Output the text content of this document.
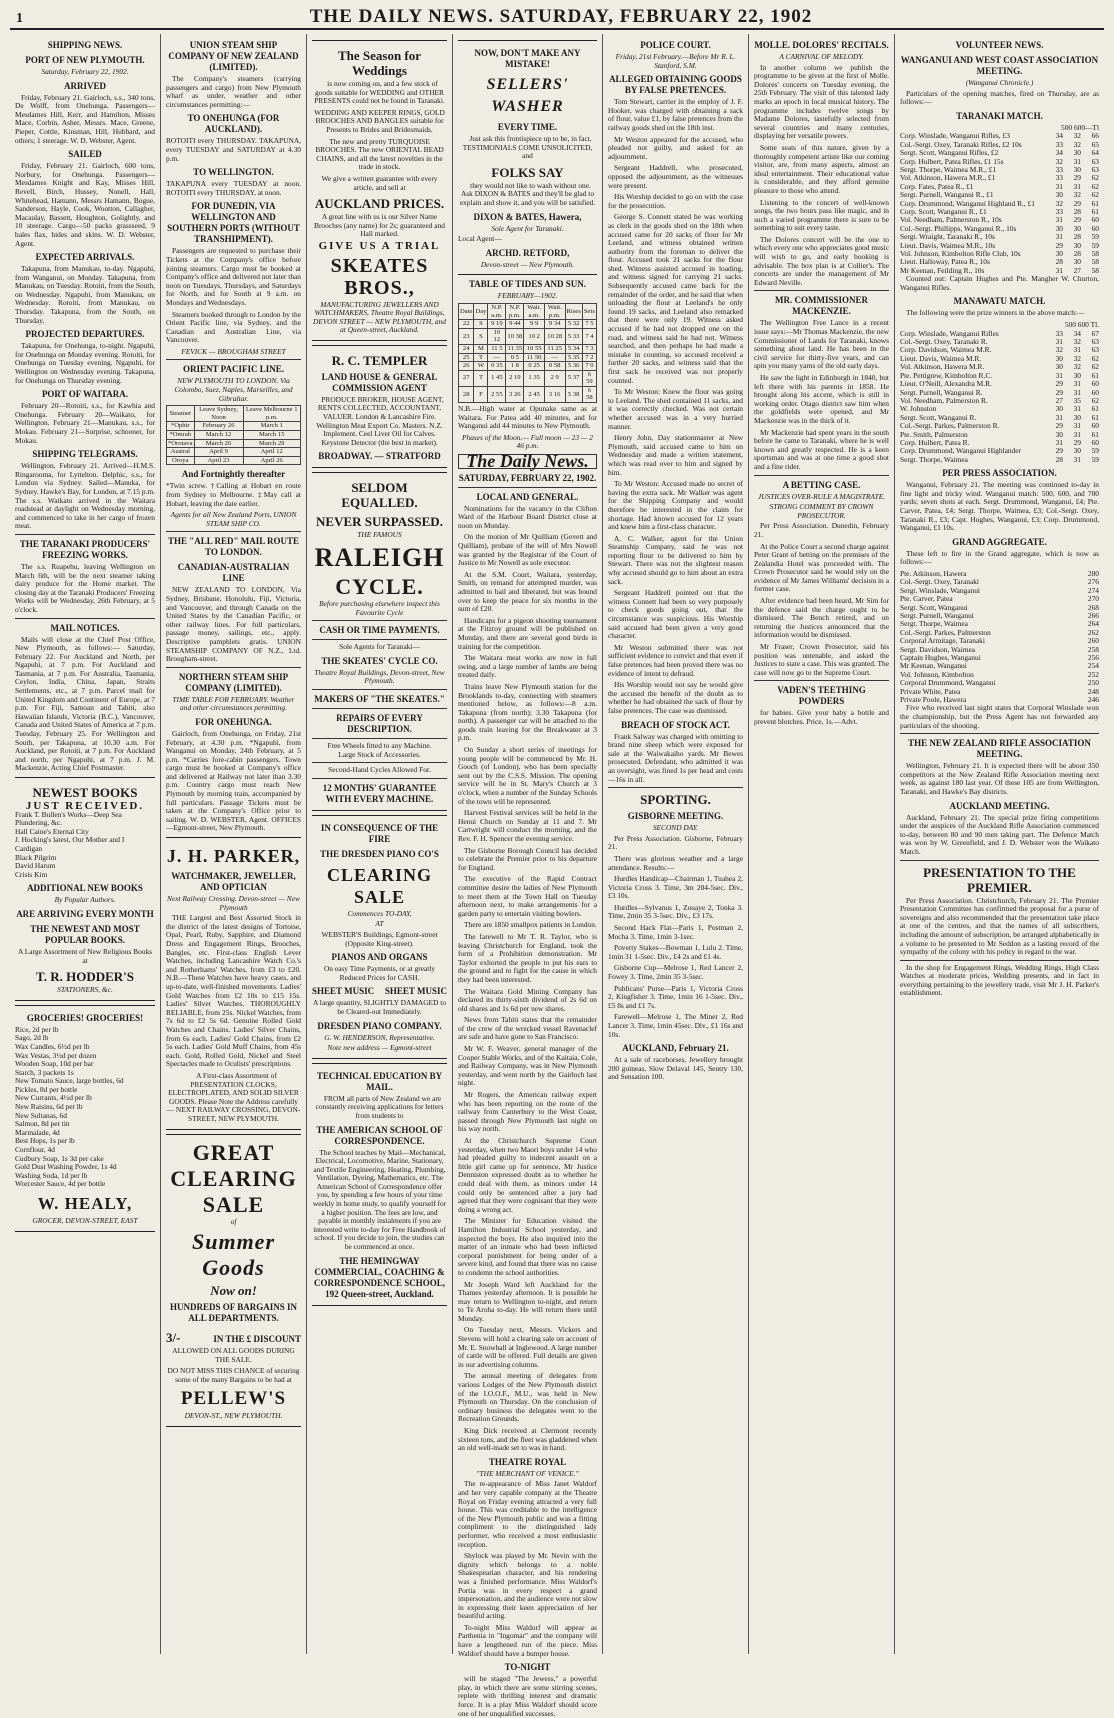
1	THE DAILY NEWS. SATURDAY, FEBRUARY 22, 1902
SHIPPING NEWS.
PORT OF NEW PLYMOUTH.
Saturday, February 22, 1902.
ARRIVED

Friday, February 21. Gairloch, s.s., 340 tons, De Wolff, from Onehunga. Passengers—Mesdames Hill, Kerr, and Hamilton, Misses Mace, Corbin, Asher, Messrs. Mace, Greene, Pieper, Cottle, Kinsman, Hill, Hubbard, and others; 1 steerage. W. D. Webster, Agent.

SAILED

Friday, February 21. Gairloch, 600 tons, Norbury, for Onehunga. Passengers—Mesdames Knight and Kay, Misses Hill, Revell, Birch, Hussey, Nonell, Hall, Whitehead, Hamann, Messrs Hamann, Bogue, Sanderson, Hayle, Cook, Wootton, Callagher, Macaulay, Bassett, Houghton, Golightly, and 10 steerage. Cargo—50 packs grassseed, 9 bales flax, hides and skins. W. D. Webster, Agent.

EXPECTED ARRIVALS.

Takapuna, from Manukau, to-day. Ngapuhi, from Wanganui, on Monday. Takapuna, from Manukau, on Tuesday. Rotoiti, from the South, on Wednesday. Ngapuhi, from Manukau, on Wednesday. Rotoiti, from Manukau, on Thursday. Takapuna, from the South, on Thursday.

PROJECTED DEPARTURES.

Takapuna, for Onehunga, to-night. Ngapuhi, for Onehunga on Monday evening. Rotoiti, for Onehunga on Tuesday evening. Ngapuhi, for Wellington on Wednesday evening. Takapuna, for Onehunga on Thursday evening.

PORT OF WAITARA.

February 20—Rotoiti, s.s., for Kawhia and Onehunga. February 20—Waikato, for Wellington. February 21—Manukau, s.s., for Mokau. February 21—Surprise, schooner, for Mokau.

SHIPPING TELEGRAMS.

Wellington, February 21. Arrived—H.M.S. Ringarooma, for Lyttelton. Delphic, s.s., for London via Sydney. Sailed—Manuka, for Sydney. Hawke's Bay, for London, at 7.15 p.m. The s.s. Waikato arrived in the Waitara roadstead at daylight on Wednesday morning, and commenced to take in her cargo of frozen meat.

THE TARANAKI PRODUCERS' FREEZING WORKS.

The s.s. Ruapehu, leaving Wellington on March 6th, will be the next steamer taking dairy produce for the Home market. The closing day at the Taranaki Producers' Freezing Works will be Wednesday, 26th February, at 5 o'clock.

MAIL NOTICES.

Mails will close at the Chief Post Office, New Plymouth, as follows:— Saturday, February 22. For Auckland and North, per Ngapuhi, at 7 p.m. For Auckland and Tasmania, at 7 p.m. For Australia, Tasmania, Ceylon, India, China, Japan, Straits Settlements, etc., at 7 p.m. Parcel mail for United Kingdom and Continent of Europe, at 7 p.m. For Fiji, Samoan and Tahiti, also Hawaiian Islands, Victoria (B.C.), Vancouver, Canada and United States of America at 7 p.m. Tuesday, February 25. For Wellington and South, per Takapuna, at 10.30 a.m. For Auckland, per Rotoiti, at 7 p.m. For Auckland and north, per Ngapuhi, at 7 p.m. J. M. Mackenzie, Acting Chief Postmaster.

NEWEST BOOKS
JUST RECEIVED.
Frank T. Bullen's Works—Deep Sea Plundering, &c.
Hall Caine's Eternal City
J. Hocking's latest, Our Mother and I
Cardigan
Black Pilgrim
David Harum
Crisis Kim
ADDITIONAL NEW BOOKS
By Popular Authors.
ARE ARRIVING EVERY MONTH
THE NEWEST AND MOST POPULAR BOOKS.
A Large Assortment of New Religious Books at
T. R. HODDER'S
STATIONERS, &c.
GROCERIES! GROCERIES!
Rice, 2d per lb
Sago, 2d lb
Wax Candles, 6½d per lb
Wax Vestas, 3½d per dozen
Wooden Soap, 10d per bar
Starch, 3 packets 1s
New Tomato Sauce, large bottles, 6d
Pickles, 8d per bottle
New Currants, 4½d per lb
New Raisins, 6d per lb
New Sultanas, 6d
Salmon, 8d per tin
Marmalade, 4d
Best Hops, 1s per lb
Cornflour, 4d
Cudbury Soap, 1s 3d per cake
Gold Dust Washing Powder, 1s 4d
Washing Soda, 1d per lb
Worcester Sauce, 4d per bottle
W. HEALY,
GROCER, DEVON-STREET, EAST
UNION STEAM SHIP COMPANY OF NEW ZEALAND (LIMITED).

The Company's steamers (carrying passengers and cargo) from New Plymouth wharf as under, weather and other circumstances permitting:—

TO ONEHUNGA (FOR AUCKLAND).

ROTOITI every THURSDAY. TAKAPUNA, every TUESDAY and SATURDAY at 4.30 p.m.

TO WELLINGTON.

TAKAPUNA every TUESDAY at noon. ROTOITI every THURSDAY, at noon.

FOR DUNEDIN, VIA WELLINGTON AND SOUTHERN PORTS (WITHOUT TRANSHIPMENT).

Passengers are requested to purchase their Tickets at the Company's office before joining steamers. Cargo must be booked at Company's office and delivered not later than noon on Tuesdays, Thursdays, and Saturdays for North, and for South at 9 a.m. on Mondays and Wednesdays.

Steamers booked through to London by the Orient Pacific line, via Sydney, and the Canadian and Australian Line, via Vancouver.

FEVICK — BROUGHAM STREET
ORIENT PACIFIC LINE.
NEW PLYMOUTH TO LONDON. Via Colombo, Suez, Naples, Marseilles, and Gibraltar.
Steamer	Leave Sydney, Noon	Leave Melbourne 1 p.m.
*Ophir	February 26	March 1
*Omrah	March 12	March 15
*Orotava	March 26	March 29
Austral	April 9	April 12
Oroya	April 23	April 26
And Fortnightly thereafter

*Twin screw. †Calling at Hobart en route from Sydney to Melbourne. ‡May call at Hobart, leaving the date earlier.

Agents for all New Zealand Ports, UNION STEAM SHIP CO.
THE "ALL RED" MAIL ROUTE TO LONDON.
CANADIAN-AUSTRALIAN LINE

NEW ZEALAND TO LONDON, Via Sydney, Brisbane, Honolulu, Fiji, Victoria, and Vancouver, and through Canada on the United States by the Canadian Pacific, or other railway lines. For full particulars, passage money, sailings, etc., apply. Descriptive pamphlets gratis. UNION STEAMSHIP COMPANY OF N.Z., Ltd. Brougham-street.

NORTHERN STEAM SHIP COMPANY (LIMITED).
TIME TABLE FOR FEBRUARY. Weather and other circumstances permitting.
FOR ONEHUNGA.

Gairloch, from Onehunga, on Friday, 21st February, at 4.30 p.m. *Ngapuhi, from Wanganui on Monday, 24th February, at 5 p.m. *Carries fore-cabin passengers. Town cargo must be booked at Company's office and delivered at Railway not later than 3.30 p.m. Country cargo must reach New Plymouth by morning train, accompanied by full particulars. Passage Tickets must be taken at the Company's Office prior to sailing. W. D. WEBSTER, Agent. OFFICES—Egmont-street, New Plymouth.

J. H. PARKER,
WATCHMAKER, JEWELLER, AND OPTICIAN
Next Railway Crossing. Devon-street — New Plymouth

THE Largest and Best Assorted Stock in the district of the latest designs of Tortoise, Opal, Pearl, Ruby, Sapphire, and Diamond Dress and Engagement Rings, Brooches, Bangles, etc. First-class English Lever Watches, including Lancashire Watch Co.'s and Rotherhams' Watches, from £3 to £20. N.B.—These Watches have heavy cases, and up-to-date, well-finished movements. Ladies' Gold Watches from £2 10s to £15 15s. Ladies' Silver Watches, THOROUGHLY RELIABLE, from 25s. Nickel Watches, from 7s 6d to £2 5s 6d. Genuine Rolled Gold Watches and Chains. Ladies' Silver Chains, from 6s each. Ladies' Gold Chains, from £2 5s each. Ladies' Gold Muff Chains, from 45s each. Gold, Rolled Gold, Nickel and Steel Spectacles made to Oculists' prescriptions.

A First-class Assortment of PRESENTATION CLOCKS, ELECTROPLATED, AND SOLID SILVER GOODS. Please Note the Address carefully — NEXT RAILWAY CROSSING, DEVON-STREET, NEW PLYMOUTH.

GREAT
CLEARING
SALE
of
Summer
Goods
Now on!
HUNDREDS OF BARGAINS IN ALL DEPARTMENTS.
3/-	IN THE £ DISCOUNT
ALLOWED ON ALL GOODS DURING THE SALE.
DO NOT MISS THIS CHANCE of securing some of the many Bargains to be had at
PELLEW'S
DEVON-ST., NEW PLYMOUTH.
The Season for Weddings

is now coming on, and a few stock of goods suitable for WEDDING and OTHER PRESENTS could not be found in Taranaki.

WEDDING AND KEEPER RINGS, GOLD BROOCHES AND BANGLES suitable for Presents to Brides and Bridesmaids.

The new and pretty TURQUOISE BROOCHES. The new ORIENTAL BEAD CHAINS, and all the latest novelties in the trade in stock.

We give a written guarantee with every article, and sell at

AUCKLAND PRICES.

A great line with us is our Silver Name Brooches (any name) for 2s; guaranteed and Hall marked.

GIVE US A TRIAL
SKEATES BROS.,
MANUFACTURING JEWELLERS AND WATCHMAKERS, Theatre Royal Buildings, DEVON STREET — NEW PLYMOUTH, and at Queen-street, Auckland.
R. C. TEMPLER
LAND HOUSE & GENERAL COMMISSION AGENT

PRODUCE BROKER, HOUSE AGENT, RENTS COLLECTED, ACCOUNTANT, VALUER. London & Lancashire Fire. Wellington Meat Export Co. Masters. N.Z. Implement. Ceel Liver Oil for Calves. Keystone Detector (the best in market).

BROADWAY. — STRATFORD
SELDOM EQUALLED.
NEVER SURPASSED.
THE FAMOUS
RALEIGH
CYCLE.
Before purchasing elsewhere inspect this Favourite Cycle
CASH OR TIME PAYMENTS.
Sole Agents for Taranaki—
THE SKEATES' CYCLE CO.
Theatre Royal Buildings, Devon-street, New Plymouth.
MAKERS OF "THE SKEATES."
REPAIRS OF EVERY DESCRIPTION.
Free Wheels fitted to any Machine.
Large Stock of Accessories.
Second-Hand Cycles Allowed For.
12 MONTHS' GUARANTEE WITH EVERY MACHINE.
IN CONSEQUENCE OF THE FIRE
THE DRESDEN PIANO CO'S
CLEARING SALE
Commences TO-DAY,
AT
WEBSTER'S Buildings, Egmont-street (Opposite King-street).
PIANOS AND ORGANS
On easy Time Payments, or at greatly Reduced Prices for CASH.
SHEET MUSIC SHEET MUSIC
A large quantity, SLIGHTLY DAMAGED to be Cleared-out Immediately.
DRESDEN PIANO COMPANY.
G. W. HENDERSON, Representative.
Note new address — Egmont-street
TECHNICAL EDUCATION BY MAIL.

FROM all parts of New Zealand we are constantly receiving applications for letters from students to

THE AMERICAN SCHOOL OF CORRESPONDENCE.

The School teaches by Mail—Mechanical, Electrical, Locomotive, Marine, Stationary, and Textile Engineering, Heating, Plumbing, Ventilation, Dyeing, Mathematics, etc. The American School of Correspondence offer you, by spending a few hours of your time weekly in home study, to qualify yourself for a higher position. The fees are low, and payable in monthly instalments if you are interested write to-day for Free Handbook of school. If you decide to join, the studies can be commenced at once.

THE HEMINGWAY COMMERCIAL, COACHING & CORRESPONDENCE SCHOOL, 192 Queen-street, Auckland.
NOW, DON'T MAKE ANY MISTAKE!
SELLERS' WASHER
EVERY TIME.

Just ask this frontispiece up to be, in fact, TESTIMONIALS COME UNSOLICITED, and

FOLKS SAY

they would not like to wash without one. Ask DIXON & BATES and they'll be glad to explain and show it, and you will be satisfied.

DIXON & BATES, Hawera,
Sole Agent for Taranaki.
Local Agent—
ARCHD. RETFORD,
Devon-street — New Plymouth.
TABLE OF TIDES AND SUN.
FEBRUARY—1902.
Date	Day	N.P. a.m.	N.P. p.m.	Wait. a.m.	Wait. p.m.	Rises	Sets
22	S	9 19	9 44	9 9	9 34	5 32	7 5
23	S	10 12	10 38	10 2	10 28	5 33	7 4
24	M	11 5	11 35	10 55	11 25	5 34	7 3
25	T	—	0 5	11 50	—	5 35	7 2
26	W	0 35	1 8	0 25	0 58	5 36	7 0
27	T	1 45	2 19	1 35	2 9	5 37	6 59
28	F	2 55	3 26	2 45	3 16	5 38	6 58

N.B.—High water at Opunake same as at Waitara. For Patea add 40 minutes, and for Wanganui add 44 minutes to New Plymouth.

Phases of the Moon.— Full moon — 23 — 2 46 p.m.
The Daily News.
SATURDAY, FEBRUARY 22, 1902.
LOCAL AND GENERAL.

Nominations for the vacancy in the Clifton Ward of the Harbour Board District close at noon on Monday.

On the motion of Mr Quilliam (Govett and Quilliam), probate of the will of Mrs Nowell was granted by the Registrar of the Court of Justice to Mr Nowell as sole executor.

At the S.M. Court, Waitara, yesterday, Smith, on remand for attempted murder, was admitted to bail and liberated, but was bound over to keep the peace for six months in the sum of £20.

Handicaps for a pigeon shooting tournament at the Fitzroy ground will be published on Monday, and there are several good birds in training for the competition.

The Waitara meat works are now in full swing, and a large number of lambs are being treated daily.

Trains leave New Plymouth station for the Brooklands to-day, connecting with steamers mentioned below, as follows:—8 a.m. Takapuna (from north); 3.30 Takapuna (for north). A passenger car will be attached to the goods train leaving for the Breakwater at 3 p.m.

On Sunday a short series of meetings for young people will be commenced by Mr. H. Gooch (of London), who has been specially sent out by the C.S.S. Mission. The opening service will be in St. Mary's Church at 3 o'clock, when a number of the Sunday Schools of the town will be represented.

Harvest Festival services will be held in the Henui Church on Sunday at 11 and 7. Mr Cartwright will conduct the morning, and the Rev. F. H. Spencer the evening service.

The Gisborne Borough Council has decided to celebrate the Premier prior to his departure for England.

The executive of the Rapid Contract committee desire the ladies of New Plymouth to meet them at the Town Hall on Tuesday afternoon next, to make arrangements for a garden party to entertain visiting bowlers.

There are 1850 smallpox patients in London.

The farewell to Mr T. R. Taylor, who is leaving Christchurch for England, took the form of a Prohibition demonstration. Mr Taylor exhorted the people to put his ears to the ground and to fight for the cause in which they had been interested.

The Waitara Gold Mining Company has declared its thirty-sixth dividend of 2s 6d on old shares and 1s 6d per new shares.

News from Tahiti states that the remainder of the crew of the wrecked vessel Ravenaclef are safe and have gone to San Francisco.

Mr W. F. Weaver, general manager of the Cooper Stable Works, and of the Kaitaia, Cole, and Railway Company, was in New Plymouth yesterday, and went north by the Gairloch last night.

Mr Rogers, the American railway expert who has been reporting on the route of the railway from Canterbury to the West Coast, passed through New Plymouth last night on his way north.

At the Christchurch Supreme Court yesterday, when two Maori boys under 14 who had pleaded guilty to indecent assault on a little girl came up for sentence, Mr Justice Denniston expressed doubt as to whether he could deal with them, as minors under 14 could only be sentenced after a jury had agreed that they were cognisant that they were doing a wrong act.

The Minister for Education visited the Hamilton Industrial School yesterday, and inspected the boys. He also inquired into the matter of an inmate who had been inflicted corporal punishment for being under of a severe kind, and found that there was no cause to condemn the school authorities.

Mr Joseph Ward left Auckland for the Thames yesterday afternoon. It is possible he may return to Wellington to-night, and return to Te Aroha to-day. He will return there until Monday.

On Tuesday next, Messrs. Vickers and Stevens will hold a clearing sale on account of Mr. E. Snowball at Inglewood. A large number of cattle will be offered. Full details are given in our advertising columns.

The annual meeting of delegates from various Lodges of the New Plymouth district of the I.O.O.F., M.U., was held in New Plymouth on Thursday. On the conclusion of ordinary business the delegates went to the Recreation Grounds.

King Dick received at Clermont recently sixteen tons, and the fleet was gladdened when an old well-made set to was in hand.

THEATRE ROYAL
"THE MERCHANT OF VENICE."

The re-appearance of Miss Janet Waldorf and her very capable company at the Theatre Royal on Friday evening attracted a very full house. This was creditable to the intelligence of the New Plymouth public and was a fitting compliment to the distinguished lady performer, who received a most enthusiastic reception.

Shylock was played by Mr. Nevin with the dignity which belongs to a noble Shakespearian character, and his rendering was a finished performance. Miss Waldorf's Portia was in every respect a grand impersonation, and the audience were not slow in expressing their keen appreciation of her beautiful acting.

To-night Miss Waldorf will appear as Parthenia in "Ingomar" and the company will have a lengthened run of the piece. Miss Waldorf should have a bumper house.

TO-NIGHT

will be staged "The Jewess," a powerful play, in which there are some stirring scenes, replete with thrilling interest and dramatic force. It is a play Miss Waldorf should score one of her unqualified successes.

POLICE COURT.
Friday, 21st February.—Before Mr R. L. Stanford, S.M.
ALLEGED OBTAINING GOODS BY FALSE PRETENCES.

Tom Stewart, carrier in the employ of J. F. Hooker, was charged with obtaining a sack of flour, value £1, by false pretences from the railway goods shed on the 18th inst.

Mr Weston appeared for the accused, who pleaded not guilty, and asked for an adjournment.

Sergeant Haddrell, who prosecuted, opposed the adjournment, as the witnesses were present.

His Worship decided to go on with the case for the prosecution.

George S. Connett stated he was working as clerk in the goods shed on the 18th when accused came for 20 sacks of flour for Mr Leeland, and witness obtained written authority from the foreman to deliver the flour. Accused took 21 sacks for the flour shed. Witness assisted accused in loading, and witness signed for carrying 21 sacks. Subsequently accused came back for the remainder of the order, and he said that when unloading the flour at Leeland's he only found 19 sacks, and Leeland also remarked that there were only 19. Witness asked accused if he had not dropped one on the road, and witness said he had not. Witness searched, and then perhaps he had made a mistake in counting, so accused received a further 20 sacks, and witness said that the first sack he received was not properly counted.

To Mr Weston: Knew the flour was going to Leeland. The shed contained 11 sacks, and it was correctly checked. Was not certain whether accused was in a very hurried manner.

Henry John, Day stationmaster at New Plymouth, said accused came to him on Wednesday and made a written statement, which was read over to him and signed by him.

To Mr Weston: Accused made no secret of having the extra sack. Mr Walker was agent for the Shipping Company and would therefore be interested in the claim for shortage. Had known accused for 12 years and knew him a first-class character.

A. C. Walker, agent for the Union Steamship Company, said he was not reporting flour to be delivered to him by Stewart. There was not the slightest reason why accused should go to him about an extra sack.

Sergeant Haddrell pointed out that the witness Connett had been so very purposely to check goods going out, that the circumstance was suspicious. His Worship said accused had been given a very good character.

Mr Weston submitted there was not sufficient evidence to convict and that even if false pretences had been proved there was no evidence of intent to defraud.

His Worship would not say he would give the accused the benefit of the doubt as to whether he had obtained the sack of flour by false pretences. The case was dismissed.

BREACH OF STOCK ACT.

Frank Salway was charged with omitting to brand nine sheep which were exposed for sale at the Waiwakaiho yards. Mr Bewes prosecuted. Defendant, who admitted it was an oversight, was fined 1s per head and costs—16s in all.

SPORTING.
GISBORNE MEETING.
SECOND DAY.

Per Press Association. Gisborne, February 21.

There was glorious weather and a large attendance. Results:—

Hurdles Handicap—Chairman 1, Tuahea 2, Victoria Cross 3. Time, 3m 204-5sec. Div., £3 10s.

Hurdles—Sylvanus 1, Zouaye 2, Tonka 3. Time, 2min 35 3-5sec. Div., £3 17s.

Second Hack Flat—Paris 1, Postman 2, Mocha 3. Time, 1min 3-1sec.

Poverty Stakes—Bowman 1, Lulu 2. Time, 1min 31 1-5sec. Div., £4 2s and £1 4s.

Gisborne Cup—Melrose 1, Red Lancer 2, Fowey 3. Time, 2min 35 3-5sec.

Publicans' Purse—Paris 1, Victoria Cross 2, Kingfisher 3. Time, 1min 16 1-5sec. Div., £5 8s and £1 7s.

Farewell—Melrose 1, The Miner 2, Red Lancer 3. Time, 1min 45sec. Div., £1 16s and 10s.

AUCKLAND, February 21.

At a sale of racehorses, Jewellery brought 200 guineas, Slow Delaval 145, Sentry 130, and Sensation 100.

MOLLE. DOLORES' RECITALS.
A CARNIVAL OF MELODY.

In another column we publish the programme to be given at the first of Molle. Dolores' concerts on Tuesday evening, the 25th February. The visit of this talented lady marks an epoch in local musical history. The programme includes twelve songs by Madame Dolores, tastefully selected from several countries and many centuries, displaying her versatile powers.

Some seats of this nature, given by a thoroughly competent artiste like our coming visitor, are, from many aspects, almost an ideal entertainment. Their educational value is considerable, and they afford genuine pleasure to those who attend.

Listening to the concert of well-known songs, the two hours pass like magic, and in such a varied programme there is sure to be something to suit every taste.

The Dolores concert will be the one to which every one who appreciates good music will wish to go, and early booking is advisable. The box plan is at Collier's. The concerts are under the management of Mr Edward Neville.

MR. COMMISSIONER MACKENZIE.

The Wellington Free Lance in a recent issue says:—Mr Thomas Mackenzie, the new Commissioner of Lands for Taranaki, knows something about land. He has been in the civil service for thirty-five years, and can spin you many yarns of the old early days.

He saw the light in Edinburgh in 1840, but left there with his parents in 1858. He brought along his accent, which is still in working order. Otago district saw him when the goldfields were opened, and Mr Mackenzie was in the thick of it.

Mr Mackenzie had spent years in the south before he came to Taranaki, where he is well known and greatly respected. He is a keen sportsman and was at one time a good shot and a fine rider.

A BETTING CASE.
JUSTICES OVER-RULE A MAGISTRATE.
STRONG COMMENT BY CROWN PROSECUTOR.

Per Press Association. Dunedin, February 21.

At the Police Court a second charge against Peter Grant of betting on the premises of the Zealandia Hotel was proceeded with. The Crown Prosecutor said he would rely on the evidence of Mr James Williams' decision in a former case.

After evidence had been heard, Mr Sim for the defence said the charge ought to be dismissed. The Bench retired, and on returning the Justices announced that the information would be dismissed.

Mr Fraser, Crown Prosecutor, said his position was untenable, and asked the Justices to state a case. This was granted. The case will now go to the Supreme Court.

VADEN'S TEETHING POWDERS

for babies. Give your baby a bottle and prevent blotches. Price, 1s.—Advt.

VOLUNTEER NEWS.
WANGANUI AND WEST COAST ASSOCIATION MEETING.
(Wanganui Chronicle.)

Particulars of the opening matches, fired on Thursday, are as follows:—

TARANAKI MATCH.
500 600—Tl
Corp. Winslade, Wanganui Rifles, £3	34	32	66
Col.-Sergt. Oxey, Taranaki Rifles, £2 10s	33	32	65
Sergt. Scott, Wanganui Rifles, £2	34	30	64
Corp. Hulbert, Patea Rifles, £1 15s	32	31	63
Sergt. Thorpe, Waimea M.R., £1	33	30	63
Vol. Atkinson, Hawera M.R., £1	33	29	62
Corp. Fates, Patea R., £1	31	31	62
Sergt. Purnell, Wanganui R., £1	30	32	62
Corp. Drummond, Wanganui Highland R., £1	32	29	61
Corp. Scott, Wanganui R., £1	33	28	61
Vol. Needham, Palmerston R., 10s	31	29	60
Col.-Sergt. Phillipps, Wanganui R., 10s	30	30	60
Sergt. Wraight, Taranaki R., 10s	31	28	59
Lieut. Davis, Waimea M.R., 10s	29	30	59
Vol. Johnson, Kimbolton Rifle Club, 10s	30	28	58
Lieut. Halloway, Patea R., 10s	28	30	58
Mr Keenan, Feilding R., 10s	31	27	58

Counted out: Captain Hughes and Pte. Mangher W. Churton, Wanganui Rifles.

MANAWATU MATCH.

The following were the prize winners in the above match:—

500 600 Tl.
Corp. Winslade, Wanganui Rifles	33	34	67
Col.-Sergt. Oxey, Taranaki R.	31	32	63
Corp. Davidson, Waimea M.R.	32	31	63
Lieut. Davis, Waimea M.R.	30	32	62
Vol. Atkinson, Hawera M.R.	30	32	62
Pte. Pettigrew, Kimbolton R.C.	31	30	61
Lieut. O'Neill, Alexandra M.R.	29	31	60
Sergt. Purnell, Wanganui R.	29	31	60
Vol. Needham, Palmerston R.	27	35	62
W. Johnston	30	31	61
Sergt. Scott, Wanganui R.	31	30	61
Col.-Sergt. Parkes, Palmerston R.	29	31	60
Pte. Smith, Palmerston	30	31	61
Corp. Hulbert, Patea R.	31	29	60
Corp. Drummond, Wanganui Highlander	29	30	59
Sergt. Thorpe, Waimea	28	31	59
PER PRESS ASSOCIATION.

Wanganui, February 21. The meeting was continued to-day in fine light and tricky wind. Wanganui match: 500, 600, and 700 yards; seven shots at each. Sergt. Drummond, Wanganui, £4; Pte. Carver, Patea, £4; Sergt. Thorpe, Waimea, £3; Col.-Sergt. Oxey, Taranaki R., £3; Capt. Hughes, Wanganui, £3; Corp. Drummond, Wanganui, £1 10s.

GRAND AGGREGATE.

These left to fire in the Grand aggregate, which is now as follows:—

Pte. Atkinson, Hawera	280
Col.-Sergt. Oxey, Taranaki	276
Sergt. Winslade, Wanganui	274
Pte. Carver, Patea	270
Sergt. Scott, Wanganui	268
Sergt. Purnell, Wanganui	266
Sergt. Thorpe, Waimea	264
Col.-Sergt. Parkes, Palmerston	262
Corporal Armitage, Taranaki	260
Sergt. Davidson, Waimea	258
Captain Hughes, Wanganui	256
Mr Keenan, Wanganui	254
Vol. Johnson, Kimbolton	252
Corporal Drummond, Wanganui	250
Private White, Patea	248
Private Poole, Hawera	246

Five who received last night states that Corporal Winslade won the championship, but the Press Agent has not forwarded any particulars of the shooting.

THE NEW ZEALAND RIFLE ASSOCIATION MEETING.

Wellington, February 21. It is expected there will be about 350 competitors at the New Zealand Rifle Association meeting next week, as against 180 last year. Of these 105 are from Wellington, Taranaki, and Hawke's Bay districts.

AUCKLAND MEETING.

Auckland, February 21. The special prize firing competitions under the auspices of the Auckland Rifle Association commenced to-day, between 80 and 90 men taking part. The Defence Match was won by W. Greenfield, and J. D. Webster won the Waikato Match.

PRESENTATION TO THE PREMIER.

Per Press Association. Christchurch, February 21. The Premier Presentation Committee has confirmed the proposal for a purse of sovereigns and also recommended that the presentation take place at one of the centres, and that the names of all subscribers, including the amount of subscription, be arranged alphabetically in a volume to be presented to Mr Seddon as a lasting record of the sympathy of the colony with his policy in regard to the war.

In the shop for Engagement Rings, Wedding Rings, High Class Watches at moderate prices, Wedding presents, and in fact in everything pertaining to the jewellery trade, visit Mr J. H. Parker's establishment.
